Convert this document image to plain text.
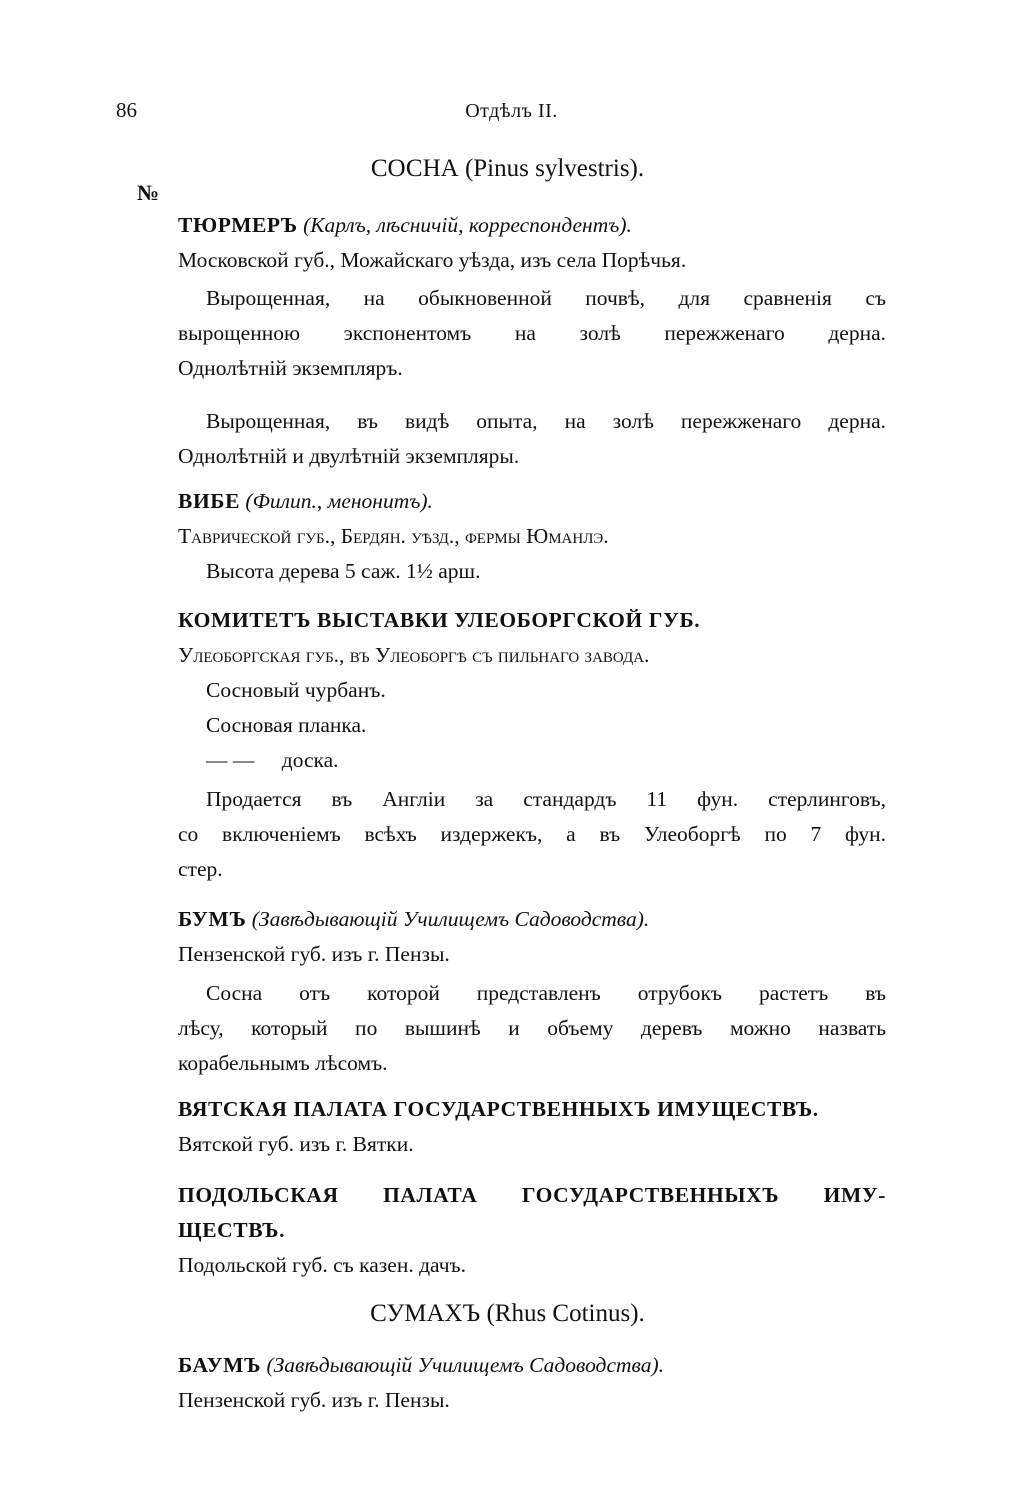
86	Отдѣлъ II.
СОСНА (Pinus sylvestris).
№
ТЮРМЕРЪ (Карлъ, лѣсничій, корреспондентъ).
Московской губ., Можайскаго уѣзда, изъ села Порѣчья.
Вырощенная, на обыкновенной почвѣ, для сравненія съ
вырощенною экспонентомъ на золѣ пережженаго дерна.
Однолѣтній экземпляръ.
Вырощенная, въ видѣ опыта, на золѣ пережженаго дерна.
Однолѣтній и двулѣтній экземпляры.
ВИБЕ (Филип., менонитъ).
Таврической губ., Бердян. уѣзд., фермы Юманлэ.
Высота дерева 5 саж. 1½ арш.
КОМИТЕТЪ ВЫСТАВКИ УЛЕОБОРГСКОЙ ГУБ.
Улеоборгская губ., въ Улеоборгѣ съ пильнаго завода.
Сосновый чурбанъ.
Сосновая планка.
— — доска.
Продается въ Англіи за стандардъ 11 фун. стерлинговъ,
со включеніемъ всѣхъ издержекъ, а въ Улеоборгѣ по 7 фун.
стер.
БУМЪ (Завѣдывающій Училищемъ Садоводства).
Пензенской губ. изъ г. Пензы.
Сосна отъ которой представленъ отрубокъ растетъ въ
лѣсу, который по вышинѣ и объему деревъ можно назвать
корабельнымъ лѣсомъ.
ВЯТСКАЯ ПАЛАТА ГОСУДАРСТВЕННЫХЪ ИМУЩЕСТВЪ.
Вятской губ. изъ г. Вятки.
ПОДОЛЬСКАЯ ПАЛАТА ГОСУДАРСТВЕННЫХЪ ИМУ-
ЩЕСТВЪ.
Подольской губ. съ казен. дачъ.
СУМАХЪ (Rhus Cotinus).
БАУМЪ (Завѣдывающій Училищемъ Садоводства).
Пензенской губ. изъ г. Пензы.
